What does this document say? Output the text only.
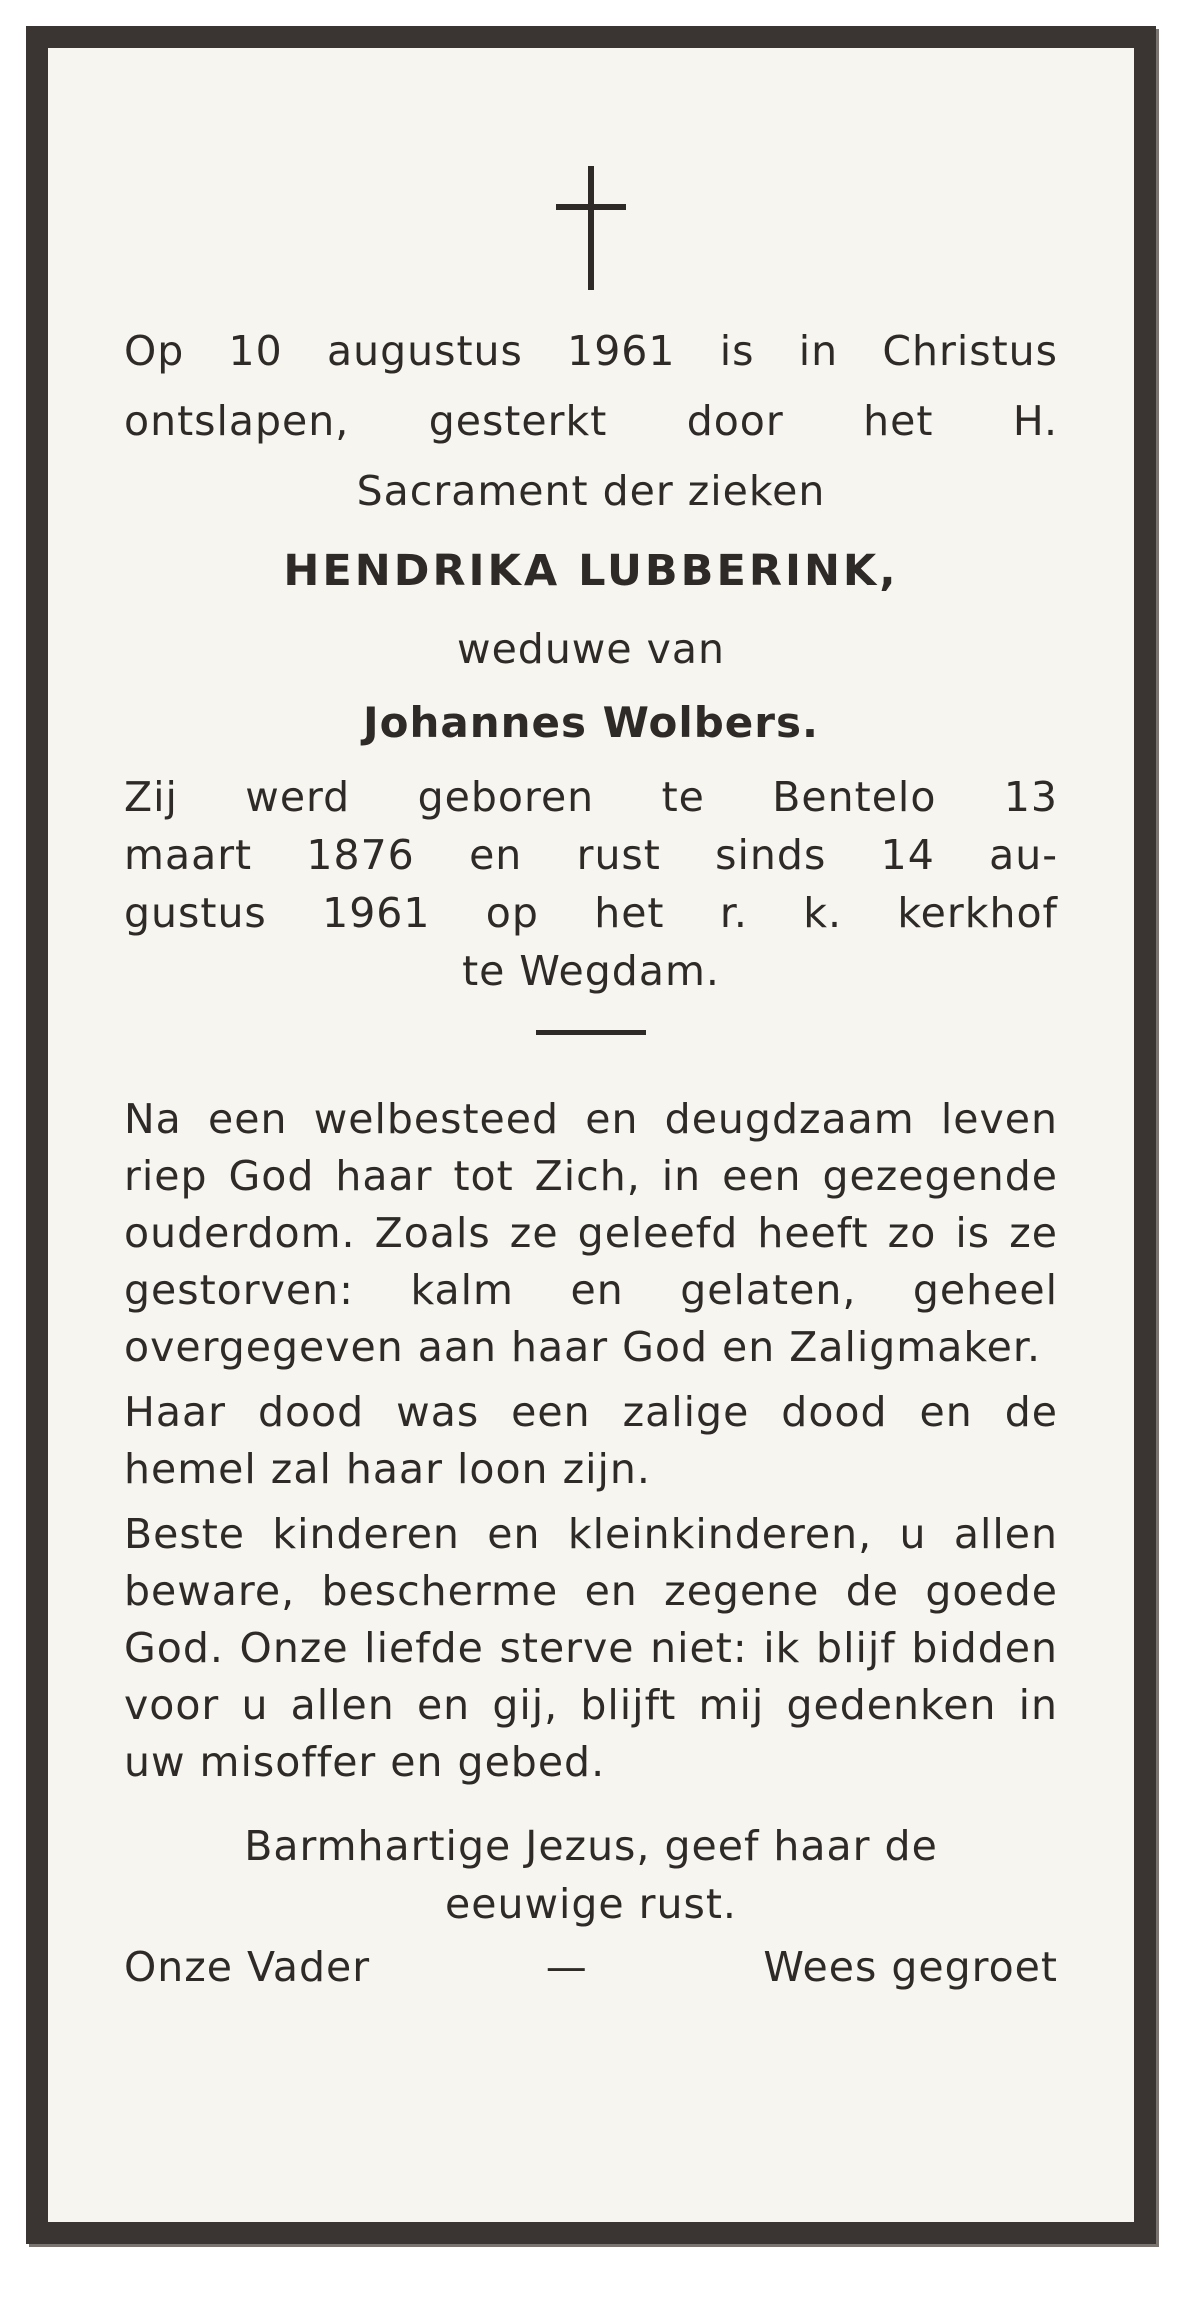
Op 10 augustus 1961 is in Christus

ontslapen, gesterkt door het H.

Sacrament der zieken

HENDRIKA LUBBERINK,

weduwe van

Johannes Wolbers.

Zij werd geboren te Bentelo 13

maart 1876 en rust sinds 14 au-

gustus 1961 op het r. k. kerkhof

te Wegdam.

Na een welbesteed en deugdzaam leven riep God haar tot Zich, in een gezegende ouderdom. Zoals ze geleefd heeft zo is ze gestorven: kalm en gelaten, geheel overgegeven aan haar God en Zaligmaker.

Haar dood was een zalige dood en de hemel zal haar loon zijn.

Beste kinderen en kleinkinderen, u allen beware, bescherme en zegene de goede God. Onze liefde sterve niet: ik blijf bidden voor u allen en gij, blijft mij gedenken in uw misoffer en gebed.

Barmhartige Jezus, geef haar de

eeuwige rust.

Onze Vader	—	Wees gegroet
